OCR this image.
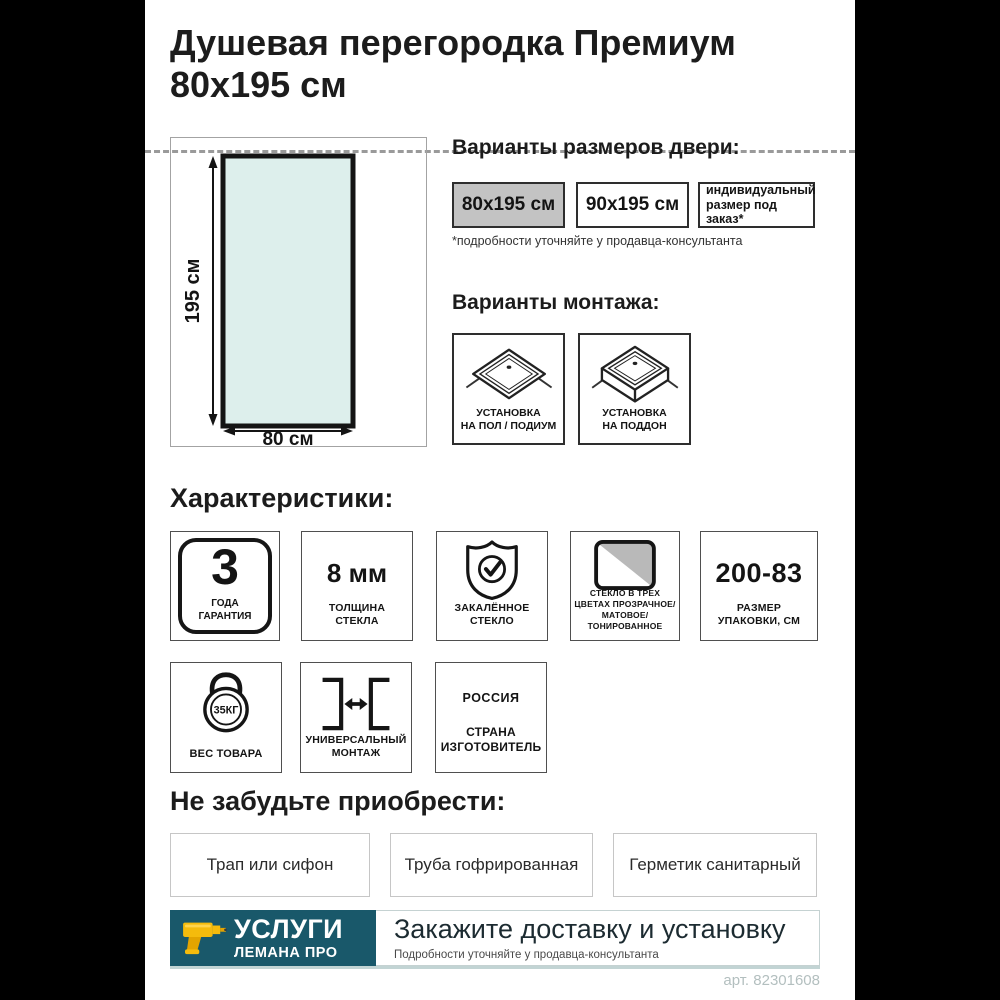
Душевая перегородка Премиум
80х195 см
195 см
80 см
Варианты размеров двери:
80х195 см	90х195 см
индивидуальный
размер под заказ*
*подробности уточняйте у продавца-консультанта
Варианты монтажа:
УСТАНОВКА
НА ПОЛ / ПОДИУМ
УСТАНОВКА
НА ПОДДОН
Характеристики:
3
ГОДА
ГАРАНТИЯ
8 мм
ТОЛЩИНА
СТЕКЛА
ЗАКАЛЁННОЕ
СТЕКЛО
СТЕКЛО В ТРЕХ
ЦВЕТАХ ПРОЗРАЧНОЕ/
МАТОВОЕ/ТОНИРОВАННОЕ
200-83
РАЗМЕР
УПАКОВКИ, СМ
35КГ
ВЕС ТОВАРА
УНИВЕРСАЛЬНЫЙ
МОНТАЖ
РОССИЯ
СТРАНА
ИЗГОТОВИТЕЛЬ
Не забудьте приобрести:
Трап или сифон	Труба гофрированная	Герметик санитарный
УСЛУГИ
ЛЕМАНА ПРО
Закажите доставку и установку
Подробности уточняйте у продавца-консультанта
арт. 82301608
